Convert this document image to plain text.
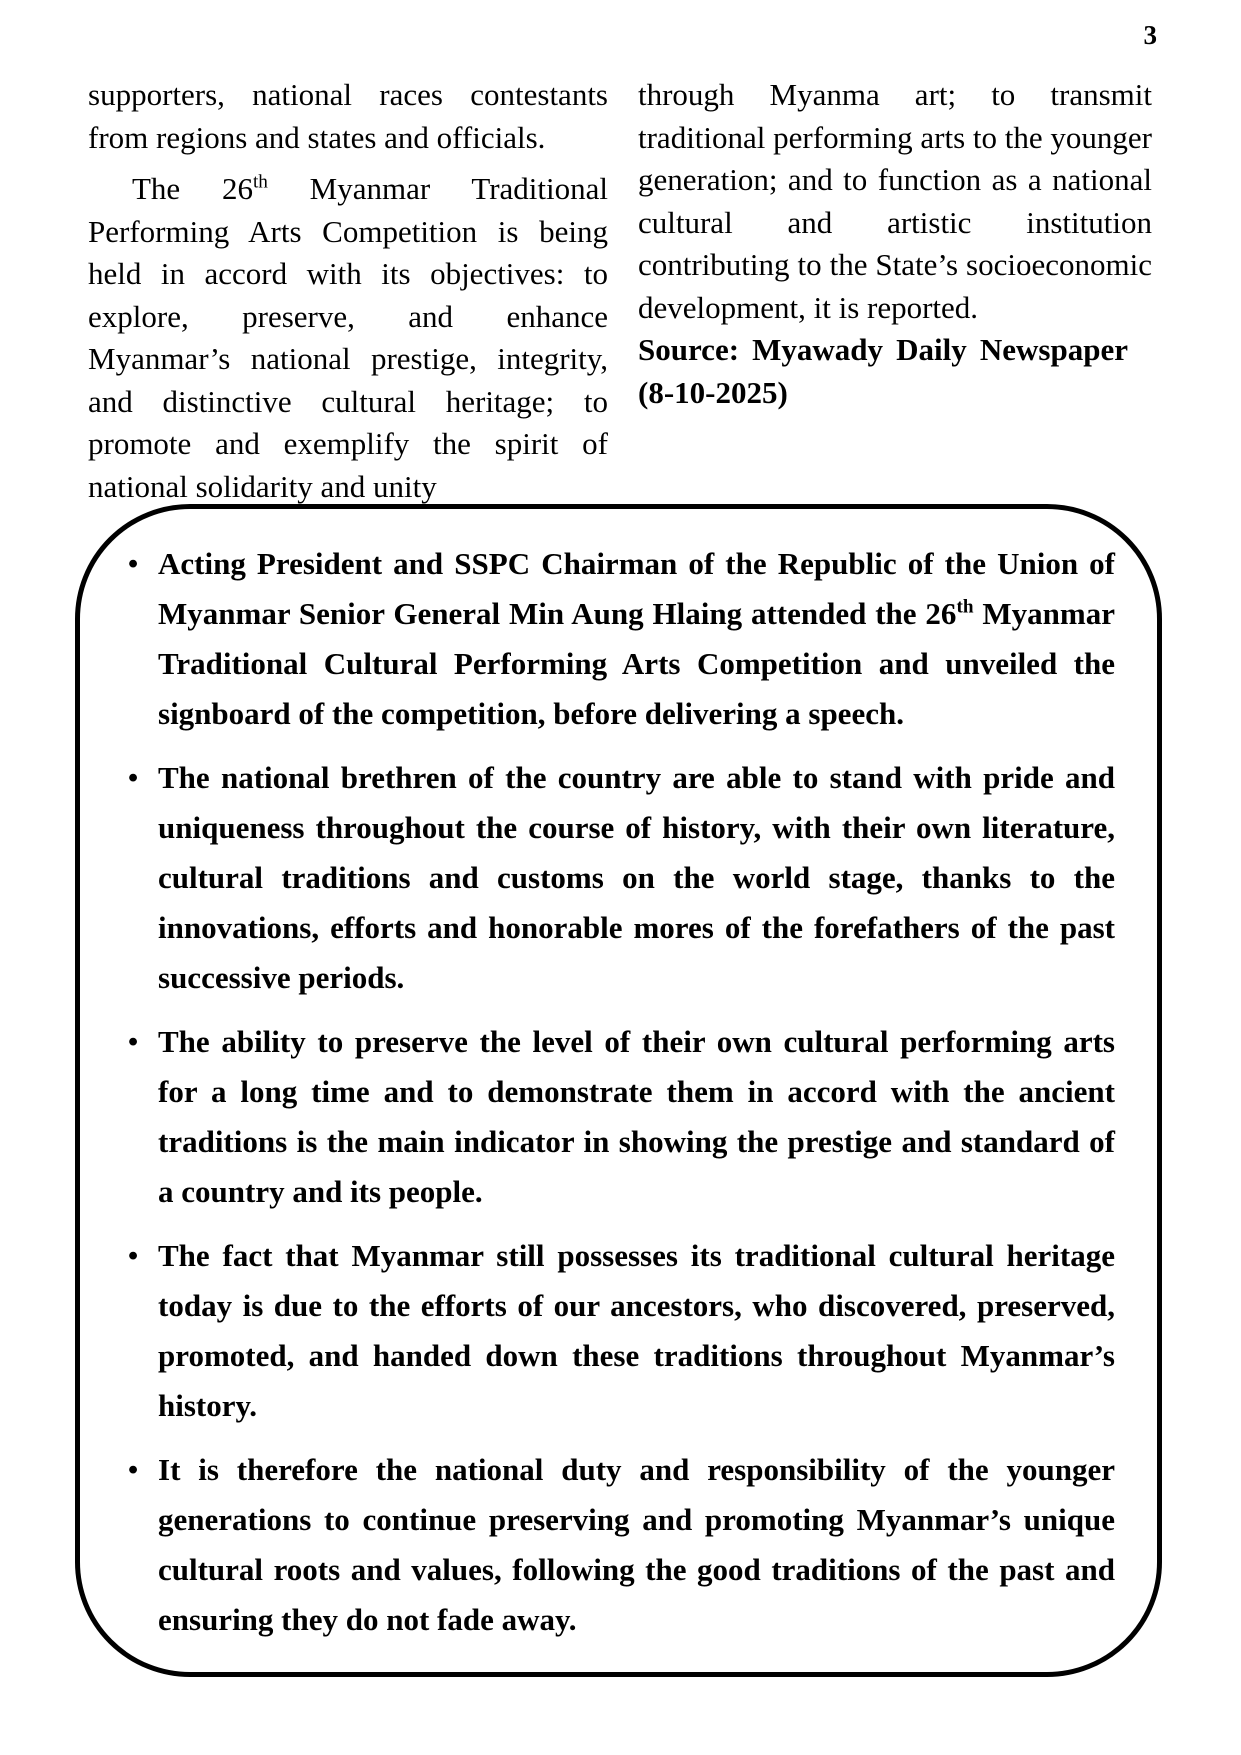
3

supporters, national races contestants from regions and states and officials.

The 26th Myanmar Traditional Performing Arts Competition is being held in accord with its objectives: to explore, preserve, and enhance Myanmar’s national prestige, integrity, and distinctive cultural heritage; to promote and exemplify the spirit of national solidarity and unity

through Myanma art; to transmit traditional performing arts to the younger generation; and to function as a national cultural and artistic institution contributing to the State’s socioeconomic development, it is reported.

Source: Myawady Daily Newspaper (8-10-2025)

• Acting President and SSPC Chairman of the Republic of the Union of Myanmar Senior General Min Aung Hlaing attended the 26th Myanmar Traditional Cultural Performing Arts Competition and unveiled the signboard of the competition, before delivering a speech.
• The national brethren of the country are able to stand with pride and uniqueness throughout the course of history, with their own literature, cultural traditions and customs on the world stage, thanks to the innovations, efforts and honorable mores of the forefathers of the past successive periods.
• The ability to preserve the level of their own cultural performing arts for a long time and to demonstrate them in accord with the ancient traditions is the main indicator in showing the prestige and standard of a country and its people.
• The fact that Myanmar still possesses its traditional cultural heritage today is due to the efforts of our ancestors, who discovered, preserved, promoted, and handed down these traditions throughout Myanmar’s history.
• It is therefore the national duty and responsibility of the younger generations to continue preserving and promoting Myanmar’s unique cultural roots and values, following the good traditions of the past and ensuring they do not fade away.
